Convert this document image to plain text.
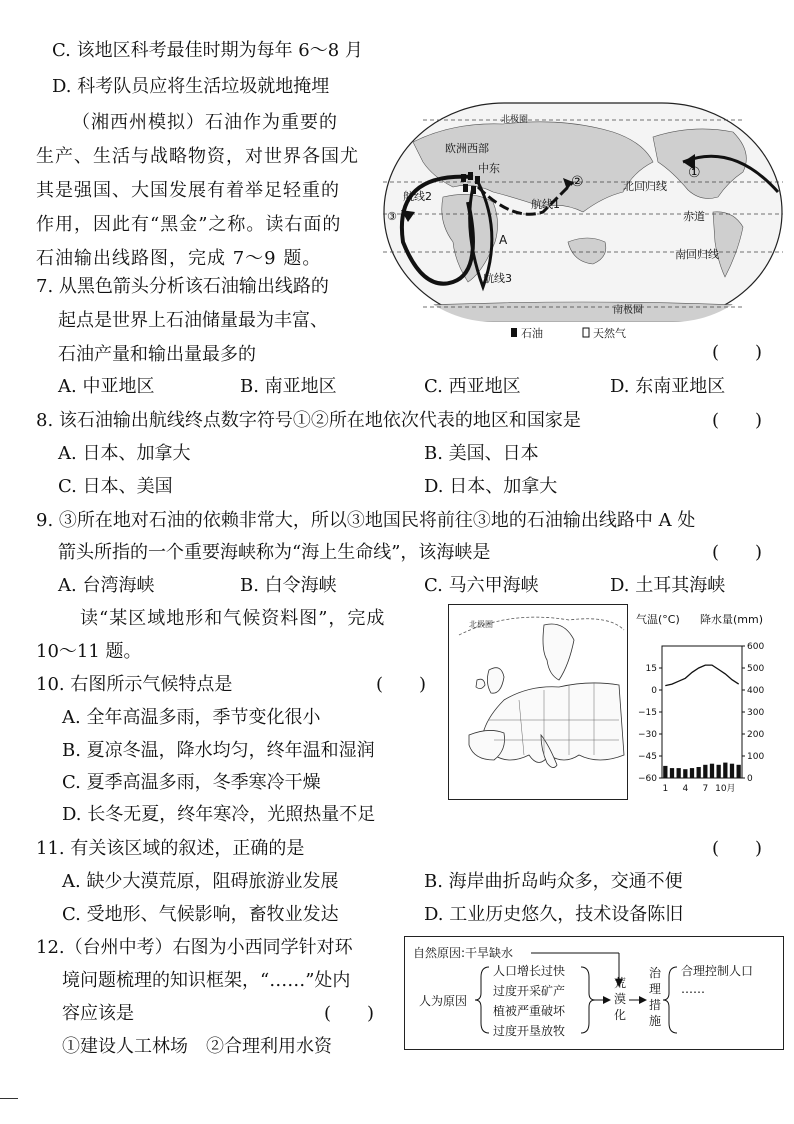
C. 该地区科考最佳时期为每年 6～8 月
D. 科考队员应将生活垃圾就地掩埋
（湘西州模拟）石油作为重要的
生产、生活与战略物资，对世界各国尤
其是强国、大国发展有着举足轻重的
作用，因此有“黑金”之称。读右面的
石油输出线路图，完成 7～9 题。
北极圈
欧洲西部
中东
航线2
航线1
航线3
②
①
③
A
北回归线
赤道
南回归线
南极圈
石油	天然气
7. 从黑色箭头分析该石油输出线路的
起点是世界上石油储量最为丰富、
石油产量和输出量最多的	(　　)
A. 中亚地区	B. 南亚地区	C. 西亚地区	D. 东南亚地区
8. 该石油输出航线终点数字符号①②所在地依次代表的地区和国家是	(　　)
A. 日本、加拿大	B. 美国、日本
C. 日本、美国	D. 日本、加拿大
9. ③所在地对石油的依赖非常大，所以③地国民将前往③地的石油输出线路中 A 处
箭头所指的一个重要海峡称为“海上生命线”，该海峡是	(　　)
A. 台湾海峡	B. 白令海峡	C. 马六甲海峡	D. 土耳其海峡
读“某区域地形和气候资料图”，完成
10～11 题。
北极圈	气温(°C) 降水量(mm)
15
0
−15
−30
−45
−60
600
500
400
300
200
100
0
1 4 7 10月
10. 右图所示气候特点是	(　　)
A. 全年高温多雨，季节变化很小
B. 夏凉冬温，降水均匀，终年温和湿润
C. 夏季高温多雨，冬季寒冷干燥
D. 长冬无夏，终年寒冷，光照热量不足
11. 有关该区域的叙述，正确的是	(　　)
A. 缺少大漠荒原，阻碍旅游业发展	B. 海岸曲折岛屿众多，交通不便
C. 受地形、气候影响，畜牧业发达	D. 工业历史悠久，技术设备陈旧
12.（台州中考）右图为小西同学针对环
境问题梳理的知识框架，“……”处内
容应该是	(　　)
①建设人工林场　②合理利用水资
自然原因:干旱缺水
人为原因
人口增长过快
过度开采矿产
植被严重破坏
过度开垦放牧
荒
漠
化
治
理
措
施
合理控制人口
……
